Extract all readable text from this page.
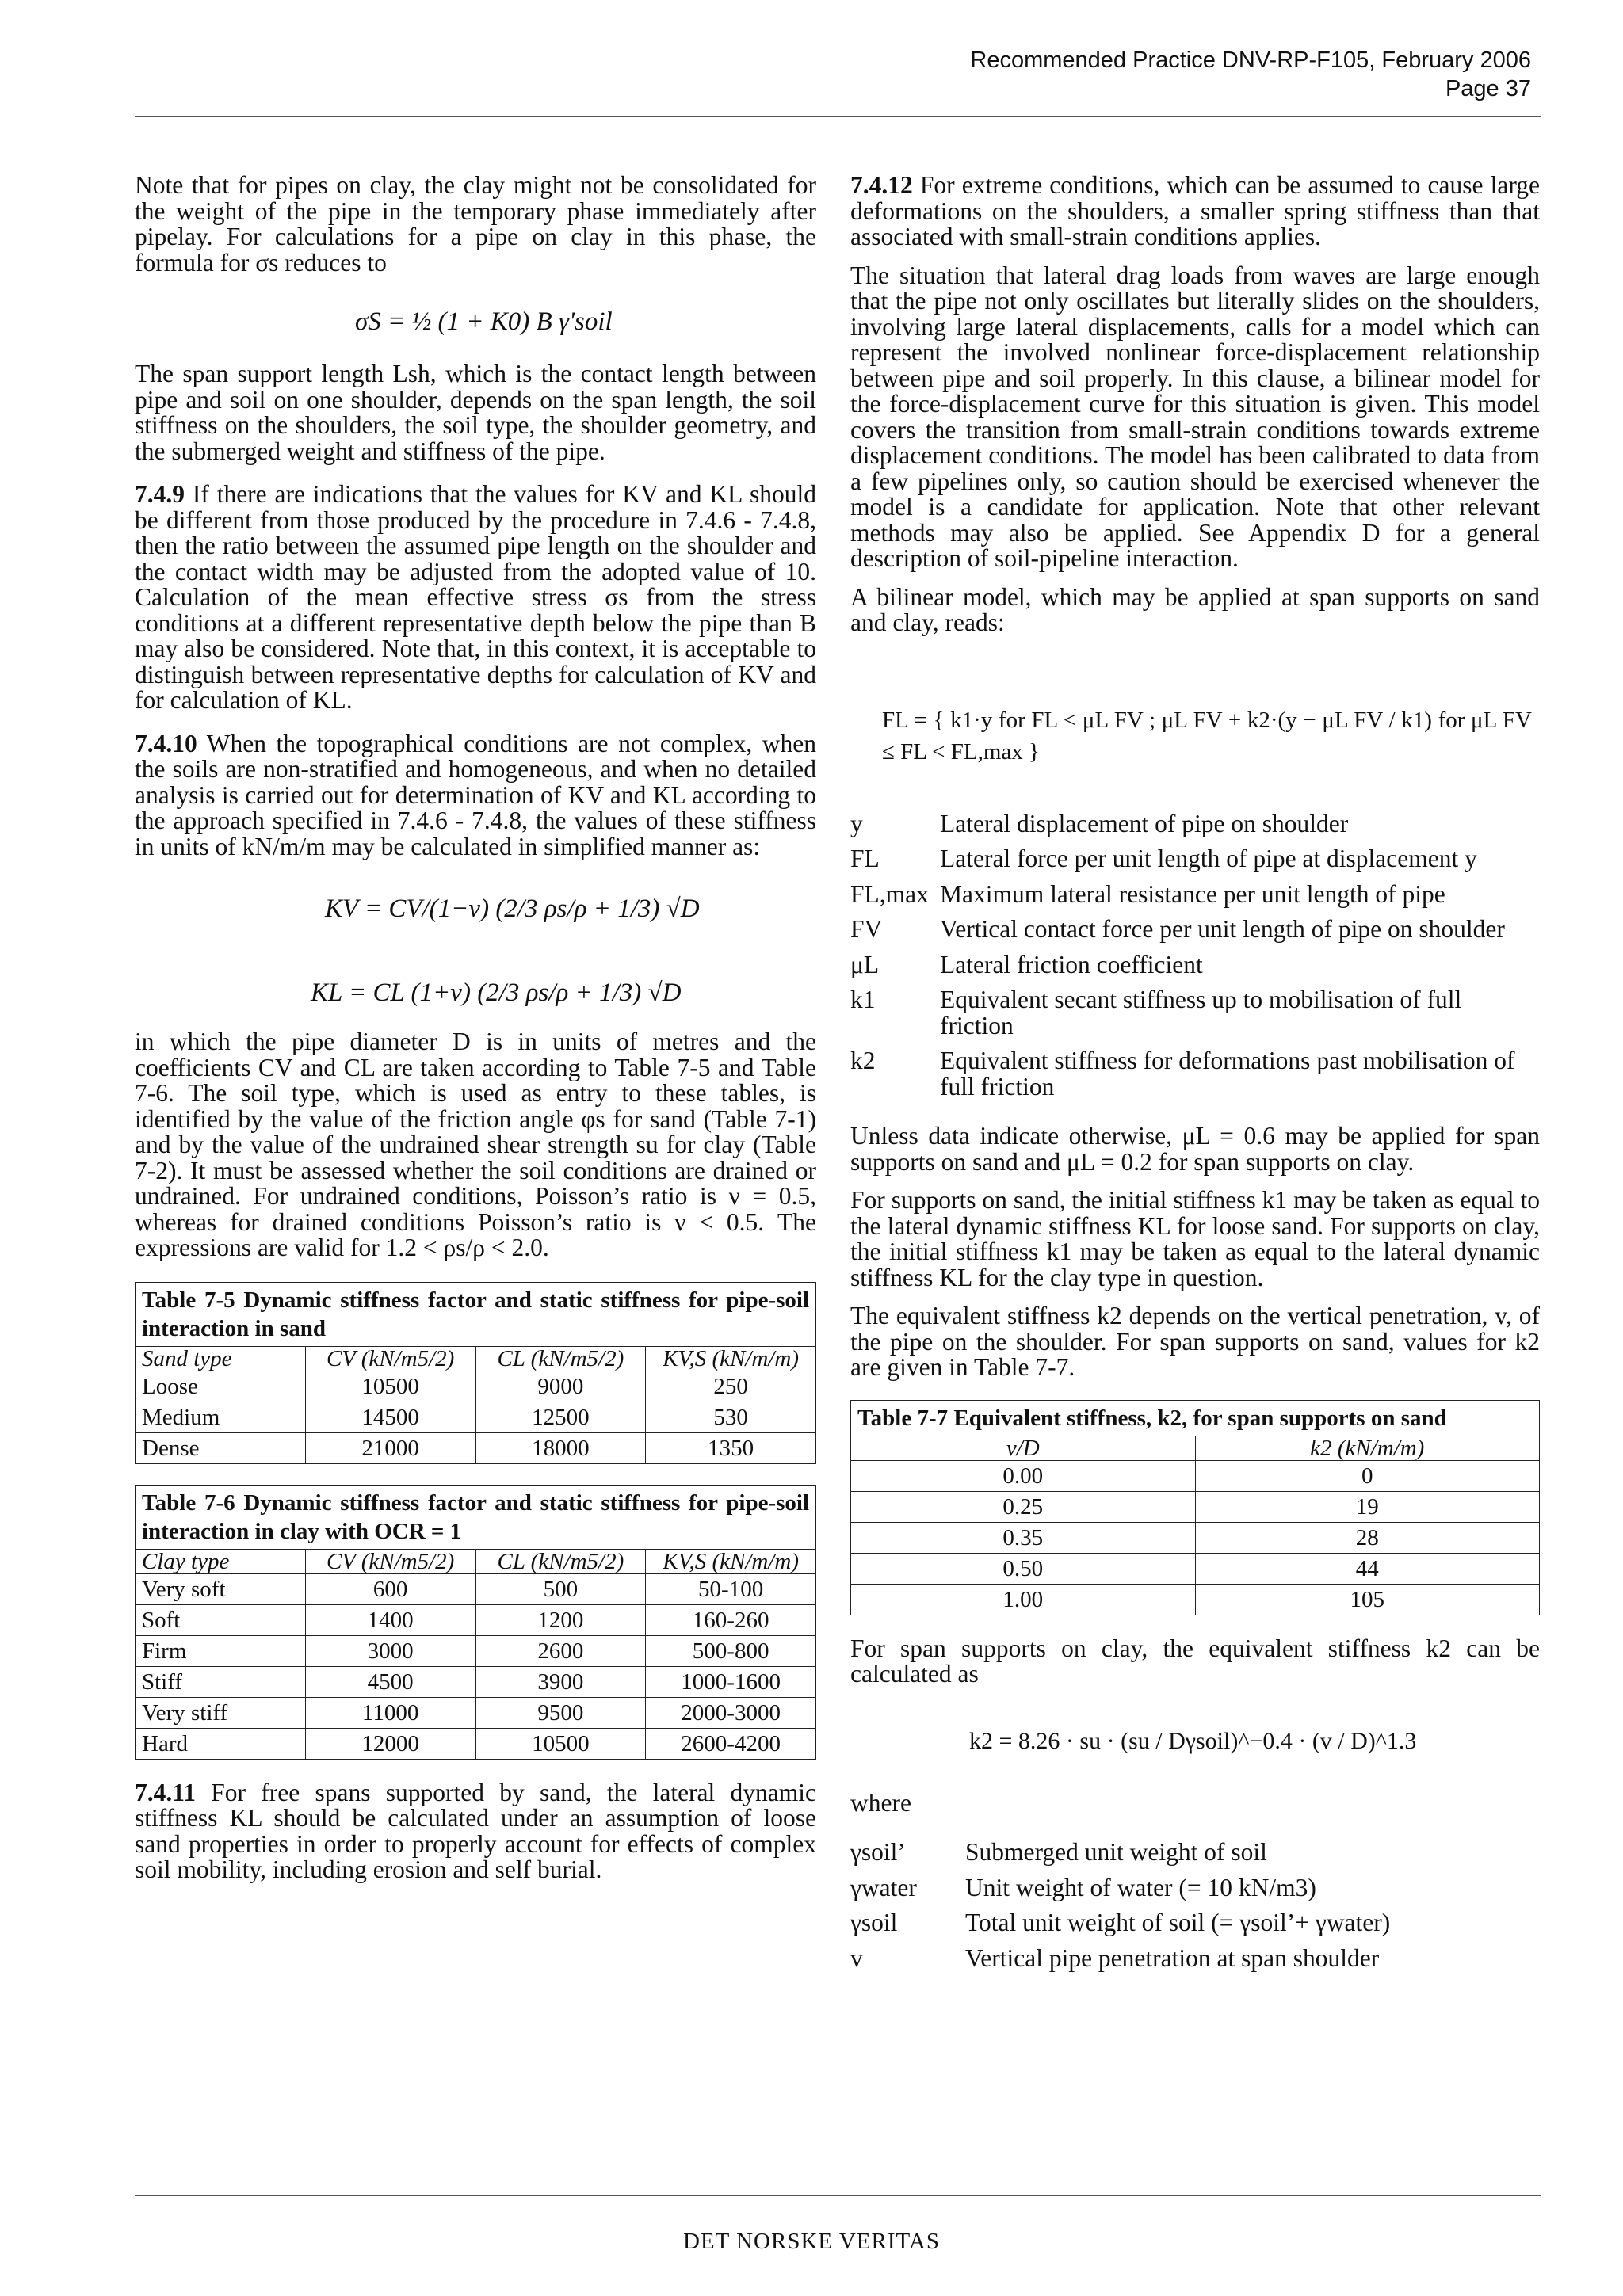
Recommended Practice DNV-RP-F105, February 2006
Page 37

Note that for pipes on clay, the clay might not be consolidated for the weight of the pipe in the temporary phase immediately after pipelay. For calculations for a pipe on clay in this phase, the formula for σs reduces to

σS = ½ (1 + K0) B γ'soil

The span support length Lsh, which is the contact length between pipe and soil on one shoulder, depends on the span length, the soil stiffness on the shoulders, the soil type, the shoulder geometry, and the submerged weight and stiffness of the pipe.

7.4.9 If there are indications that the values for KV and KL should be different from those produced by the procedure in 7.4.6 - 7.4.8, then the ratio between the assumed pipe length on the shoulder and the contact width may be adjusted from the adopted value of 10. Calculation of the mean effective stress σs from the stress conditions at a different representative depth below the pipe than B may also be considered. Note that, in this context, it is acceptable to distinguish between representative depths for calculation of KV and for calculation of KL.

7.4.10 When the topographical conditions are not complex, when the soils are non-stratified and homogeneous, and when no detailed analysis is carried out for determination of KV and KL according to the approach specified in 7.4.6 - 7.4.8, the values of these stiffness in units of kN/m/m may be calculated in simplified manner as:

KV = CV/(1−ν) (2/3 ρs/ρ + 1/3) √D
KL = CL (1+ν) (2/3 ρs/ρ + 1/3) √D

in which the pipe diameter D is in units of metres and the coefficients CV and CL are taken according to Table 7-5 and Table 7-6. The soil type, which is used as entry to these tables, is identified by the value of the friction angle φs for sand (Table 7-1) and by the value of the undrained shear strength su for clay (Table 7-2). It must be assessed whether the soil conditions are drained or undrained. For undrained conditions, Poisson’s ratio is ν = 0.5, whereas for drained conditions Poisson’s ratio is ν < 0.5. The expressions are valid for 1.2 < ρs/ρ < 2.0.

Table 7-5 Dynamic stiffness factor and static stiffness for pipe-soil interaction in sand			
Sand type	CV (kN/m5/2)	CL (kN/m5/2)	KV,S (kN/m/m)
Loose	10500	9000	250
Medium	14500	12500	530
Dense	21000	18000	1350
Table 7-6 Dynamic stiffness factor and static stiffness for pipe-soil interaction in clay with OCR = 1			
Clay type	CV (kN/m5/2)	CL (kN/m5/2)	KV,S (kN/m/m)
Very soft	600	500	50-100
Soft	1400	1200	160-260
Firm	3000	2600	500-800
Stiff	4500	3900	1000-1600
Very stiff	11000	9500	2000-3000
Hard	12000	10500	2600-4200

7.4.11 For free spans supported by sand, the lateral dynamic stiffness KL should be calculated under an assumption of loose sand properties in order to properly account for effects of complex soil mobility, including erosion and self burial.

7.4.12 For extreme conditions, which can be assumed to cause large deformations on the shoulders, a smaller spring stiffness than that associated with small-strain conditions applies.

The situation that lateral drag loads from waves are large enough that the pipe not only oscillates but literally slides on the shoulders, involving large lateral displacements, calls for a model which can represent the involved nonlinear force-displacement relationship between pipe and soil properly. In this clause, a bilinear model for the force-displacement curve for this situation is given. This model covers the transition from small-strain conditions towards extreme displacement conditions. The model has been calibrated to data from a few pipelines only, so caution should be exercised whenever the model is a candidate for application. Note that other relevant methods may also be applied. See Appendix D for a general description of soil-pipeline interaction.

A bilinear model, which may be applied at span supports on sand and clay, reads:

FL = { k1·y for FL < μL FV ; μL FV + k2·(y − μL FV / k1) for μL FV ≤ FL < FL,max }
y	Lateral displacement of pipe on shoulder
FL	Lateral force per unit length of pipe at displacement y
FL,max Maximum lateral resistance per unit length of pipe
FV	Vertical contact force per unit length of pipe on shoulder
μL	Lateral friction coefficient
k1	Equivalent secant stiffness up to mobilisation of full friction
k2	Equivalent stiffness for deformations past mobilisation of full friction

Unless data indicate otherwise, μL = 0.6 may be applied for span supports on sand and μL = 0.2 for span supports on clay.

For supports on sand, the initial stiffness k1 may be taken as equal to the lateral dynamic stiffness KL for loose sand. For supports on clay, the initial stiffness k1 may be taken as equal to the lateral dynamic stiffness KL for the clay type in question.

The equivalent stiffness k2 depends on the vertical penetration, v, of the pipe on the shoulder. For span supports on sand, values for k2 are given in Table 7-7.

Table 7-7 Equivalent stiffness, k2, for span supports on sand	
v/D	k2 (kN/m/m)
0.00	0
0.25	19
0.35	28
0.50	44
1.00	105

For span supports on clay, the equivalent stiffness k2 can be calculated as

k2 = 8.26 · su · (su / Dγsoil)^−0.4 · (v / D)^1.3

where

γsoil’	Submerged unit weight of soil
γwater	Unit weight of water (= 10 kN/m3)
γsoil	Total unit weight of soil (= γsoil’+ γwater)
v	Vertical pipe penetration at span shoulder
DET NORSKE VERITAS
